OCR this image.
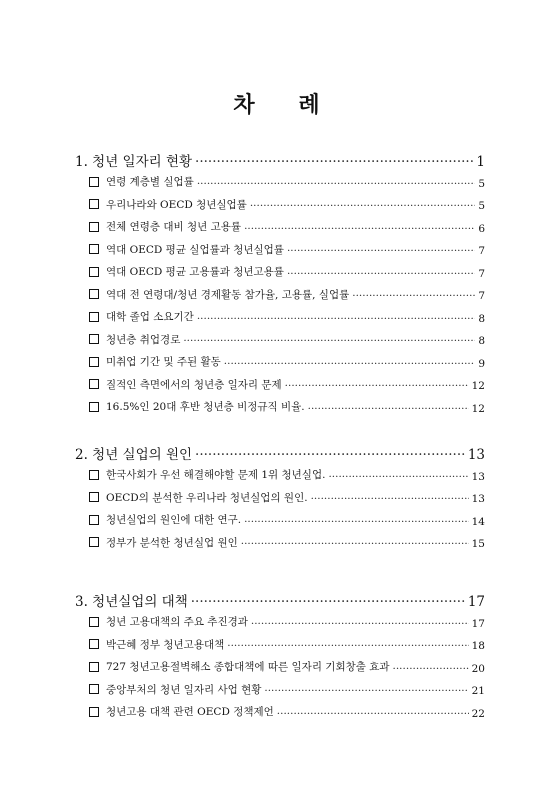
차 례
1. 청년 일자리 현황 ·····	1
연령 계층별 실업률 ·····	5
우리나라와 OECD 청년실업률 ·····	5
전체 연령층 대비 청년 고용률 ·····	6
역대 OECD 평균 실업률과 청년실업률 ·····	7
역대 OECD 평균 고용률과 청년고용률 ·····	7
역대 전 연령대/청년 경제활동 참가율, 고용률, 실업률 ·····	7
대학 졸업 소요기간 ·····	8
청년층 취업경로 ·····	8
미취업 기간 및 주된 활동 ·····	9
질적인 측면에서의 청년층 일자리 문제 ·····	12
16.5%인 20대 후반 청년층 비정규직 비율. ·····	12
2. 청년 실업의 원인 ·····	13
한국사회가 우선 해결해야할 문제 1위 청년실업. ·····	13
OECD의 분석한 우리나라 청년실업의 원인. ·····	13
청년실업의 원인에 대한 연구. ·····	14
정부가 분석한 청년실업 원인 ·····	15
3. 청년실업의 대책 ·····	17
청년 고용대책의 주요 추진경과 ·····	17
박근혜 정부 청년고용대책 ·····	18
727 청년고용절벽해소 종합대책에 따른 일자리 기회창출 효과 ·····	20
중앙부처의 청년 일자리 사업 현황 ·····	21
청년고용 대책 관련 OECD 정책제언 ·····	22
